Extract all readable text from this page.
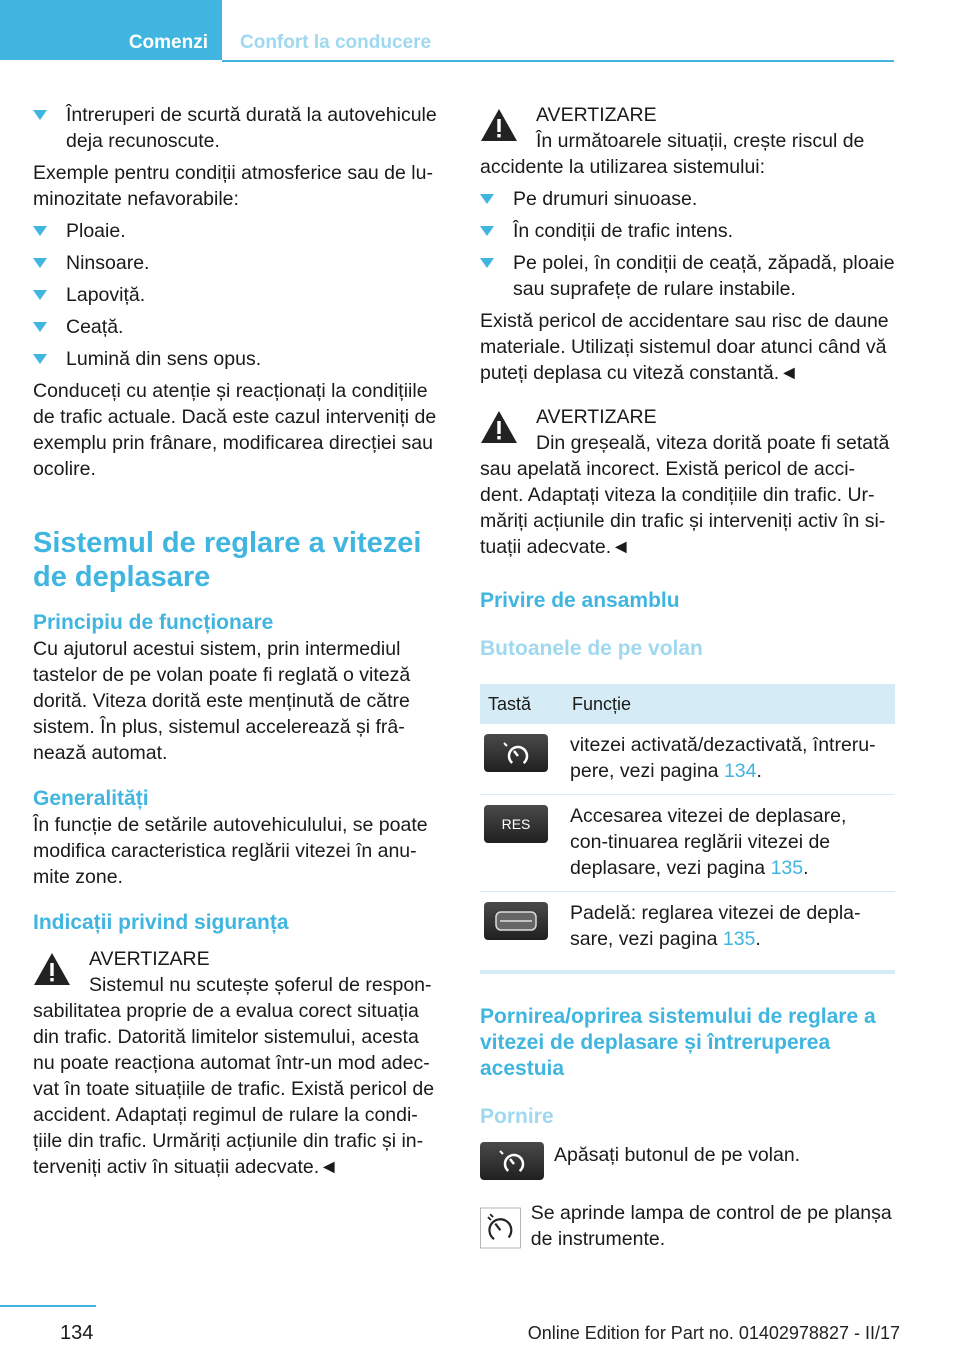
Comenzi Confort la conducere
Întreruperi de scurtă durată la autovehicule deja recunoscute.

Exemple pentru condiții atmosferice sau de lu-minozitate nefavorabile:

Ploaie.
Ninsoare.
Lapoviță.
Ceață.
Lumină din sens opus.

Conduceți cu atenție și reacționați la condițiile de trafic actuale. Dacă este cazul interveniți de exemplu prin frânare, modificarea direcției sau ocolire.

Sistemul de reglare a vitezei de deplasare
Principiu de funcționare

Cu ajutorul acestui sistem, prin intermediul tastelor de pe volan poate fi reglată o viteză dorită. Viteza dorită este menținută de către sistem. În plus, sistemul accelerează și frâ-nează automat.

Generalități

În funcție de setările autovehiculului, se poate modifica caracteristica reglării vitezei în anu-mite zone.

Indicații privind siguranța
AVERTIZARE
Sistemul nu scutește șoferul de respon-sabilitatea proprie de a evalua corect situația din trafic. Datorită limitelor sistemului, acesta nu poate reacționa automat într-un mod adec-vat în toate situațiile de trafic. Există pericol de accident. Adaptați regimul de rulare la condi-țiile din trafic. Urmăriți acțiunile din trafic și in-terveniți activ în situații adecvate.◄
AVERTIZARE
În următoarele situații, crește riscul de accidente la utilizarea sistemului:
Pe drumuri sinuoase.
În condiții de trafic intens.
Pe polei, în condiții de ceață, zăpadă, ploaie sau suprafețe de rulare instabile.

Există pericol de accidentare sau risc de daune materiale. Utilizați sistemul doar atunci când vă puteți deplasa cu viteză constantă.◄

AVERTIZARE
Din greșeală, viteza dorită poate fi setată sau apelată incorect. Există pericol de acci-dent. Adaptați viteza la condițiile din trafic. Ur-măriți acțiunile din trafic și interveniți activ în si-tuații adecvate.◄
Privire de ansamblu
Butoanele de pe volan
Tastă	Funcție

	vitezei activată/dezactivată, întreru-pere, vezi pagina 134.

RES	Accesarea vitezei de deplasare, con-tinuarea reglării vitezei de deplasare, vezi pagina 135.

	Padelă: reglarea vitezei de depla-sare, vezi pagina 135.
Pornirea/oprirea sistemului de reglare a vitezei de deplasare și întreruperea acestuia
Pornire
Apăsați butonul de pe volan.
Se aprinde lampa de control de pe planșa de instrumente.
134	Online Edition for Part no. 01402978827 - II/17
